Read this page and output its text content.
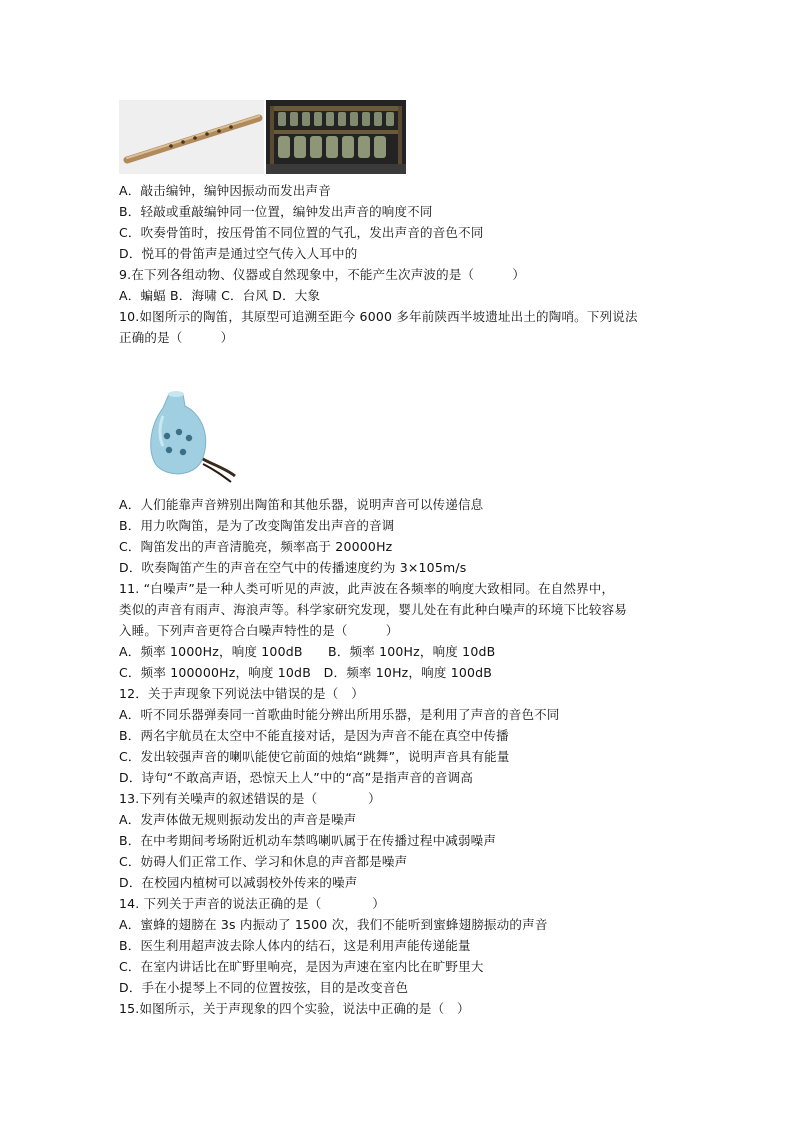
A．敲击编钟，编钟因振动而发出声音
B．轻敲或重敲编钟同一位置，编钟发出声音的响度不同
C．吹奏骨笛时，按压骨笛不同位置的气孔，发出声音的音色不同
D．悦耳的骨笛声是通过空气传入人耳中的
9.在下列各组动物、仪器或自然现象中，不能产生次声波的是（　　　）
A．蝙蝠 B．海啸 C．台风 D．大象
10.如图所示的陶笛，其原型可追溯至距今 6000 多年前陕西半坡遗址出土的陶哨。下列说法
正确的是（　　　）
A．人们能靠声音辨别出陶笛和其他乐器，说明声音可以传递信息
B．用力吹陶笛，是为了改变陶笛发出声音的音调
C．陶笛发出的声音清脆亮，频率高于 20000Hz
D．吹奏陶笛产生的声音在空气中的传播速度约为 3×105m/s
11. “白噪声”是一种人类可听见的声波，此声波在各频率的响度大致相同。在自然界中，
类似的声音有雨声、海浪声等。科学家研究发现，婴儿处在有此种白噪声的环境下比较容易
入睡。下列声音更符合白噪声特性的是（　　　）
A．频率 1000Hz，响度 100dB　　B．频率 100Hz，响度 10dB
C．频率 100000Hz，响度 10dB　D．频率 10Hz，响度 100dB
12．关于声现象下列说法中错误的是（　）
A．听不同乐器弹奏同一首歌曲时能分辨出所用乐器，是利用了声音的音色不同
B．两名宇航员在太空中不能直接对话，是因为声音不能在真空中传播
C．发出较强声音的喇叭能使它前面的烛焰“跳舞”，说明声音具有能量
D．诗句“不敢高声语，恐惊天上人”中的“高”是指声音的音调高
13.下列有关噪声的叙述错误的是（　　　　）
A．发声体做无规则振动发出的声音是噪声
B．在中考期间考场附近机动车禁鸣喇叭属于在传播过程中减弱噪声
C．妨碍人们正常工作、学习和休息的声音都是噪声
D．在校园内植树可以减弱校外传来的噪声
14. 下列关于声音的说法正确的是（　　　　）
A．蜜蜂的翅膀在 3s 内振动了 1500 次，我们不能听到蜜蜂翅膀振动的声音
B．医生利用超声波去除人体内的结石，这是利用声能传递能量
C．在室内讲话比在旷野里响亮，是因为声速在室内比在旷野里大
D．手在小提琴上不同的位置按弦，目的是改变音色
15.如图所示，关于声现象的四个实验，说法中正确的是（　）
